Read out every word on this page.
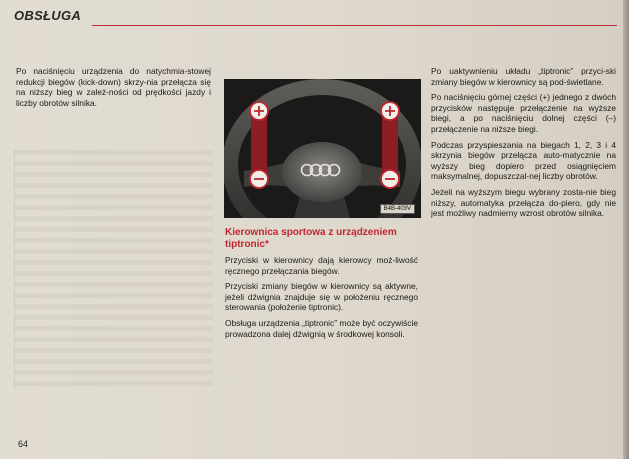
OBSŁUGA

Po naciśnięciu urządzenia do natychmia-stowej redukcji biegów (kick-down) skrzy-nia przełącza się na niższy bieg w zależ-ności od prędkości jazdy i liczby obrotów silnika.

B4B-403V
Kierownica sportowa z urządzeniem tiptronic*

Przyciski w kierownicy dają kierowcy moż-liwość ręcznego przełączania biegów.

Przyciski zmiany biegów w kierownicy są aktywne, jeżeli dźwignia znajduje się w położeniu ręcznego sterowania (położenie tiptronic).

Obsługa urządzenia „tiptronic” może być oczywiście prowadzona dalej dźwignią w środkowej konsoli.

Po uaktywnieniu układu „tiptronic” przyci-ski zmiany biegów w kierownicy są pod-świetlane.

Po naciśnięciu górnej części (+) jednego z dwóch przycisków następuje przełączenie na wyższe biegi, a po naciśnięciu dolnej części (–) przełączenie na niższe biegi.

Podczas przyspieszania na biegach 1, 2, 3 i 4 skrzynia biegów przełącza auto-matycznie na wyższy bieg dopiero przed osiągnięciem maksymalnej, dopuszczal-nej liczby obrotów.

Jeżeli na wyższym biegu wybrany zosta-nie bieg niższy, automatyka przełącza do-piero, gdy nie jest możliwy nadmierny wzrost obrotów silnika.

64
